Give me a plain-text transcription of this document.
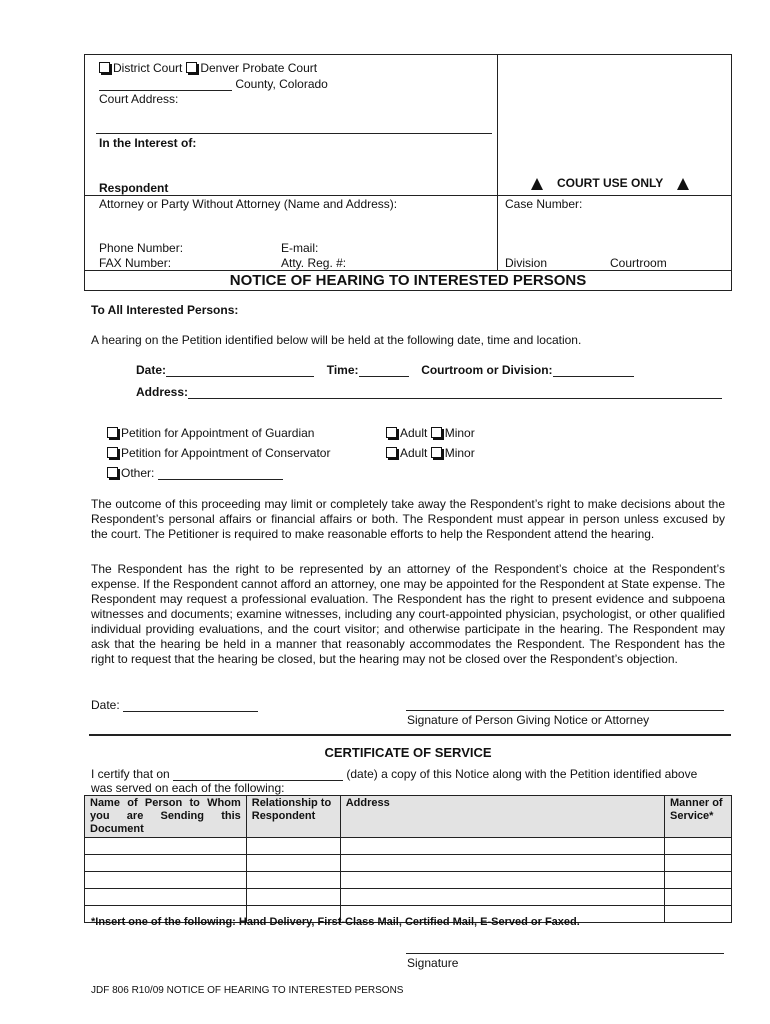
District Court Denver Probate Court
County, Colorado
Court Address:
In the Interest of:
Respondent
Attorney or Party Without Attorney (Name and Address):
Phone Number:	E-mail:
FAX Number:	Atty. Reg. #:
COURT USE ONLY
Case Number:
Division	Courtroom
NOTICE OF HEARING TO INTERESTED PERSONS
To All Interested Persons:
A hearing on the Petition identified below will be held at the following date, time and location.
Date:	Time:	Courtroom or Division:
Address:
Petition for Appointment of Guardian
Petition for Appointment of Conservator
Other:
Adult Minor
Adult Minor
The outcome of this proceeding may limit or completely take away the Respondent’s right to make decisions about the Respondent’s personal affairs or financial affairs or both. The Respondent must appear in person unless excused by the court. The Petitioner is required to make reasonable efforts to help the Respondent attend the hearing.
The Respondent has the right to be represented by an attorney of the Respondent’s choice at the Respondent’s expense. If the Respondent cannot afford an attorney, one may be appointed for the Respondent at State expense. The Respondent may request a professional evaluation. The Respondent has the right to present evidence and subpoena witnesses and documents; examine witnesses, including any court-appointed physician, psychologist, or other qualified individual providing evaluations, and the court visitor; and otherwise participate in the hearing. The Respondent may ask that the hearing be held in a manner that reasonably accommodates the Respondent. The Respondent has the right to request that the hearing be closed, but the hearing may not be closed over the Respondent’s objection.
Date:
Signature of Person Giving Notice or Attorney
CERTIFICATE OF SERVICE
I certify that on	(date) a copy of this Notice along with the Petition identified above
was served on each of the following:
Name of Person to Whom you are Sending this Document	Relationship to Respondent	Address	Manner of Service*

*Insert one of the following: Hand Delivery, First-Class Mail, Certified Mail, E-Served or Faxed.
Signature
JDF 806 R10/09 NOTICE OF HEARING TO INTERESTED PERSONS
